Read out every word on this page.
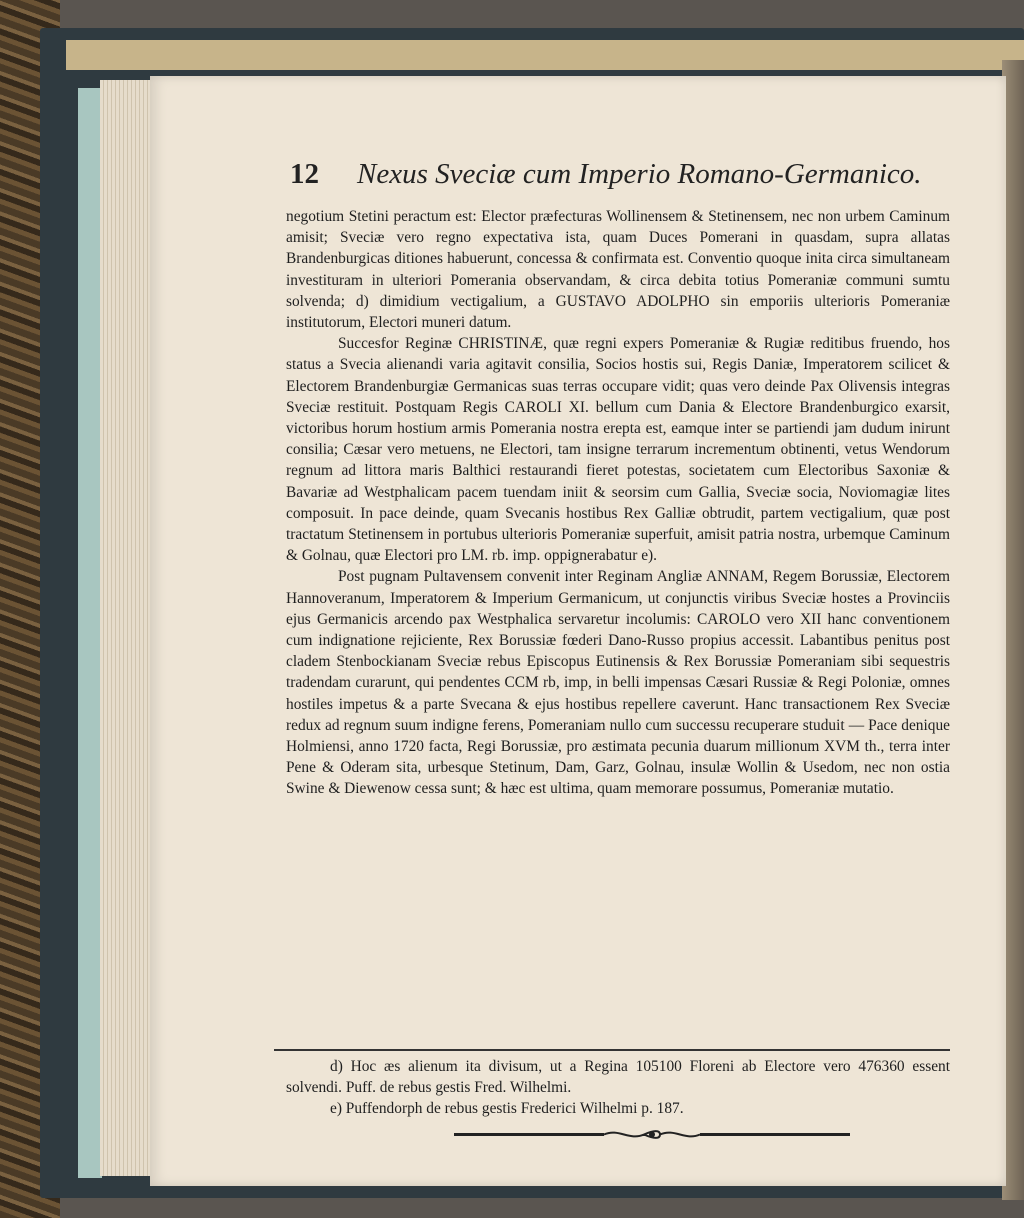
12 Nexus Sveciæ cum Imperio Romano-Germanico.

negotium Stetini peractum est: Elector præfecturas Wollinensem & Stetinensem, nec non urbem Caminum amisit; Sveciæ vero regno expectativa ista, quam Duces Pomerani in quasdam, supra allatas Brandenburgicas ditiones habuerunt, concessa & confirmata est. Conventio quoque inita circa simultaneam investituram in ulteriori Pomerania observandam, & circa debita totius Pomeraniæ communi sumtu solvenda; d) dimidium vectigalium, a GUSTAVO ADOLPHO sin emporiis ulterioris Pomeraniæ institutorum, Electori muneri datum.

Succesfor Reginæ CHRISTINÆ, quæ regni expers Pomeraniæ & Rugiæ reditibus fruendo, hos status a Svecia alienandi varia agitavit consilia, Socios hostis sui, Regis Daniæ, Imperatorem scilicet & Electorem Brandenburgiæ Germanicas suas terras occupare vidit; quas vero deinde Pax Olivensis integras Sveciæ restituit. Postquam Regis CAROLI XI. bellum cum Dania & Electore Brandenburgico exarsit, victoribus horum hostium armis Pomerania nostra erepta est, eamque inter se partiendi jam dudum inirunt consilia; Cæsar vero metuens, ne Electori, tam insigne terrarum incrementum obtinenti, vetus Wendorum regnum ad littora maris Balthici restaurandi fieret potestas, societatem cum Electoribus Saxoniæ & Bavariæ ad Westphalicam pacem tuendam iniit & seorsim cum Gallia, Sveciæ socia, Noviomagiæ lites composuit. In pace deinde, quam Svecanis hostibus Rex Galliæ obtrudit, partem vectigalium, quæ post tractatum Stetinensem in portubus ulterioris Pomeraniæ superfuit, amisit patria nostra, urbemque Caminum & Golnau, quæ Electori pro LM. rb. imp. oppignerabatur e).

Post pugnam Pultavensem convenit inter Reginam Angliæ ANNAM, Regem Borussiæ, Electorem Hannoveranum, Imperatorem & Imperium Germanicum, ut conjunctis viribus Sveciæ hostes a Provinciis ejus Germanicis arcendo pax Westphalica servaretur incolumis: CAROLO vero XII hanc conventionem cum indignatione rejiciente, Rex Borussiæ fœderi Dano-Russo propius accessit. Labantibus penitus post cladem Stenbockianam Sveciæ rebus Episcopus Eutinensis & Rex Borussiæ Pomeraniam sibi sequestris tradendam curarunt, qui pendentes CCM rb, imp, in belli impensas Cæsari Russiæ & Regi Poloniæ, omnes hostiles impetus & a parte Svecana & ejus hostibus repellere caverunt. Hanc transactionem Rex Sveciæ redux ad regnum suum indigne ferens, Pomeraniam nullo cum successu recuperare studuit — Pace denique Holmiensi, anno 1720 facta, Regi Borussiæ, pro æstimata pecunia duarum millionum XVM th., terra inter Pene & Oderam sita, urbesque Stetinum, Dam, Garz, Golnau, insulæ Wollin & Usedom, nec non ostia Swine & Diewenow cessa sunt; & hæc est ultima, quam memorare possumus, Pomeraniæ mutatio.

d) Hoc æs alienum ita divisum, ut a Regina 105100 Floreni ab Electore vero 476360 essent solvendi. Puff. de rebus gestis Fred. Wilhelmi.

e) Puffendorph de rebus gestis Frederici Wilhelmi p. 187.
